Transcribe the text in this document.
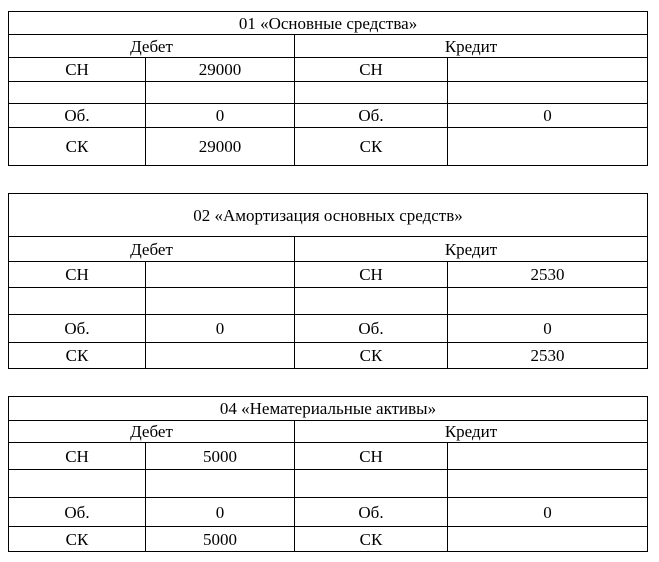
01 «Основные средства»			
Дебет		Кредит	
СН	29000	СН	

Об.	0	Об.	0
СК	29000	СК	
02 «Амортизация основных средств»			
Дебет		Кредит	
СН		СН	2530

Об.	0	Об.	0
СК		СК	2530
04 «Нематериальные активы»			
Дебет		Кредит	
СН	5000	СН	

Об.	0	Об.	0
СК	5000	СК	
